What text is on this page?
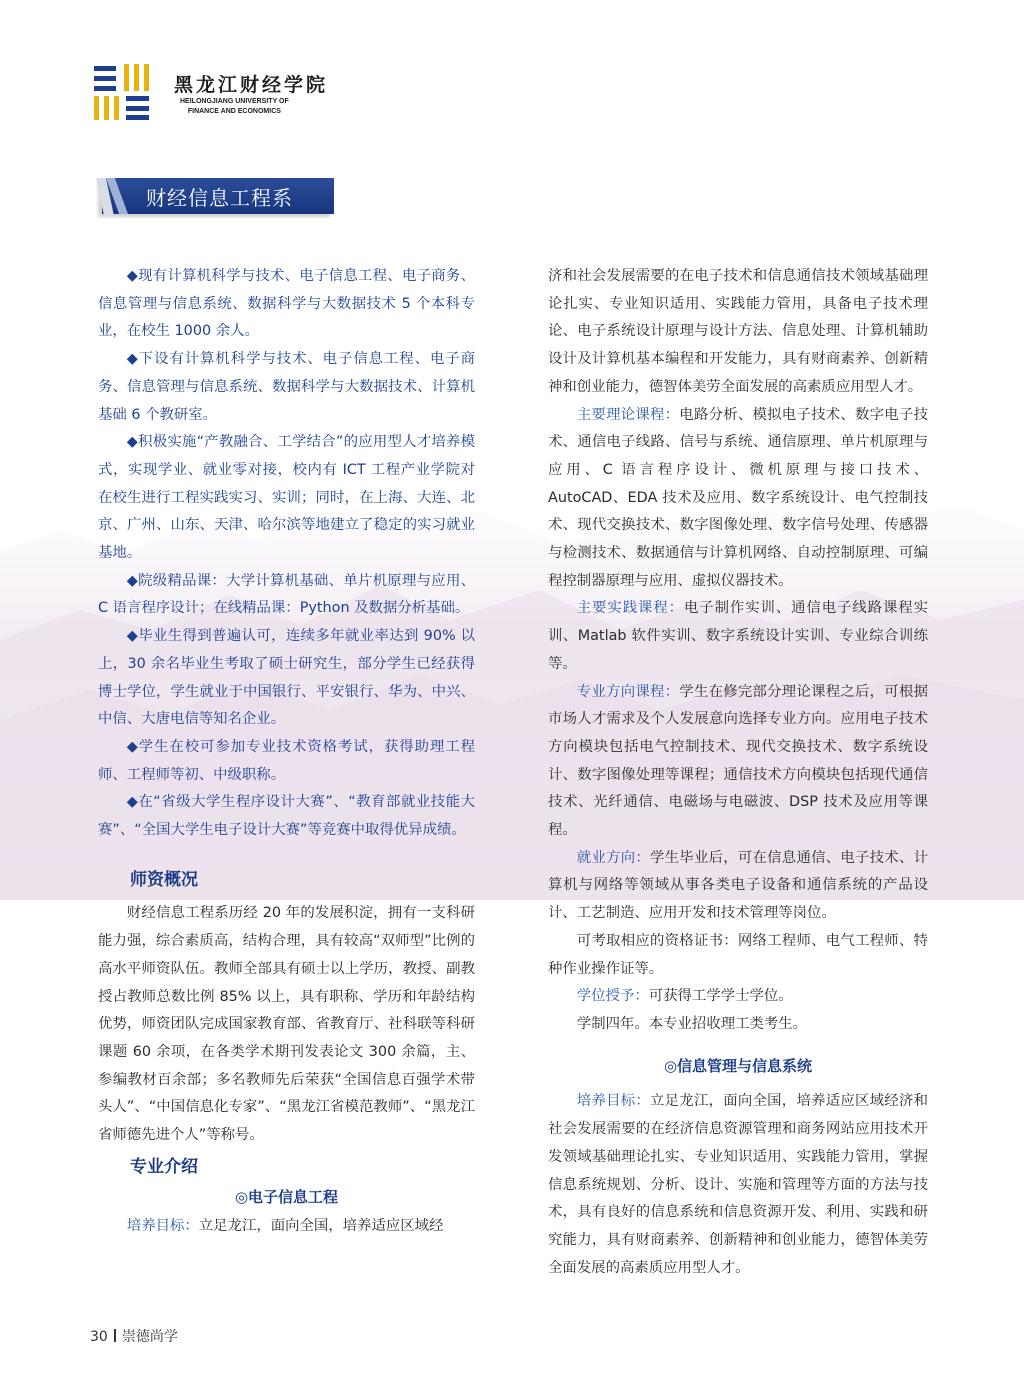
黑龙江财经学院
HEILONGJIANG UNIVERSITY OF
FINANCE AND ECONOMICS
财经信息工程系

◆现有计算机科学与技术、电子信息工程、电子商务、信息管理与信息系统、数据科学与大数据技术 5 个本科专业，在校生 1000 余人。

◆下设有计算机科学与技术、电子信息工程、电子商务、信息管理与信息系统、数据科学与大数据技术、计算机基础 6 个教研室。

◆积极实施“产教融合、工学结合”的应用型人才培养模式，实现学业、就业零对接，校内有 ICT 工程产业学院对在校生进行工程实践实习、实训；同时，在上海、大连、北京、广州、山东、天津、哈尔滨等地建立了稳定的实习就业基地。

◆院级精品课：大学计算机基础、单片机原理与应用、C 语言程序设计；在线精品课：Python 及数据分析基础。

◆毕业生得到普遍认可，连续多年就业率达到 90% 以上，30 余名毕业生考取了硕士研究生，部分学生已经获得博士学位，学生就业于中国银行、平安银行、华为、中兴、中信、大唐电信等知名企业。

◆学生在校可参加专业技术资格考试，获得助理工程师、工程师等初、中级职称。

◆在“省级大学生程序设计大赛”、“教育部就业技能大赛”、“全国大学生电子设计大赛”等竞赛中取得优异成绩。

师资概况

财经信息工程系历经 20 年的发展积淀，拥有一支科研能力强，综合素质高，结构合理，具有较高“双师型”比例的高水平师资队伍。教师全部具有硕士以上学历，教授、副教授占教师总数比例 85% 以上，具有职称、学历和年龄结构优势，师资团队完成国家教育部、省教育厅、社科联等科研课题 60 余项，在各类学术期刊发表论文 300 余篇，主、参编教材百余部；多名教师先后荣获“全国信息百强学术带头人”、“中国信息化专家”、“黑龙江省模范教师”、“黑龙江省师德先进个人”等称号。

专业介绍
◎电子信息工程

培养目标：立足龙江，面向全国，培养适应区域经

济和社会发展需要的在电子技术和信息通信技术领域基础理论扎实、专业知识适用、实践能力管用，具备电子技术理论、电子系统设计原理与设计方法、信息处理、计算机辅助设计及计算机基本编程和开发能力，具有财商素养、创新精神和创业能力，德智体美劳全面发展的高素质应用型人才。

主要理论课程：电路分析、模拟电子技术、数字电子技术、通信电子线路、信号与系统、通信原理、单片机原理与应用、C 语言程序设计、微机原理与接口技术、AutoCAD、EDA 技术及应用、数字系统设计、电气控制技术、现代交换技术、数字图像处理、数字信号处理、传感器与检测技术、数据通信与计算机网络、自动控制原理、可编程控制器原理与应用、虚拟仪器技术。

主要实践课程：电子制作实训、通信电子线路课程实训、Matlab 软件实训、数字系统设计实训、专业综合训练等。

专业方向课程：学生在修完部分理论课程之后，可根据市场人才需求及个人发展意向选择专业方向。应用电子技术方向模块包括电气控制技术、现代交换技术、数字系统设计、数字图像处理等课程；通信技术方向模块包括现代通信技术、光纤通信、电磁场与电磁波、DSP 技术及应用等课程。

就业方向：学生毕业后，可在信息通信、电子技术、计算机与网络等领域从事各类电子设备和通信系统的产品设计、工艺制造、应用开发和技术管理等岗位。

可考取相应的资格证书：网络工程师、电气工程师、特种作业操作证等。

学位授予：可获得工学学士学位。

学制四年。本专业招收理工类考生。

◎信息管理与信息系统

培养目标：立足龙江，面向全国，培养适应区域经济和社会发展需要的在经济信息资源管理和商务网站应用技术开发领域基础理论扎实、专业知识适用、实践能力管用，掌握信息系统规划、分析、设计、实施和管理等方面的方法与技术，具有良好的信息系统和信息资源开发、利用、实践和研究能力，具有财商素养、创新精神和创业能力，德智体美劳全面发展的高素质应用型人才。

30 崇德尚学
